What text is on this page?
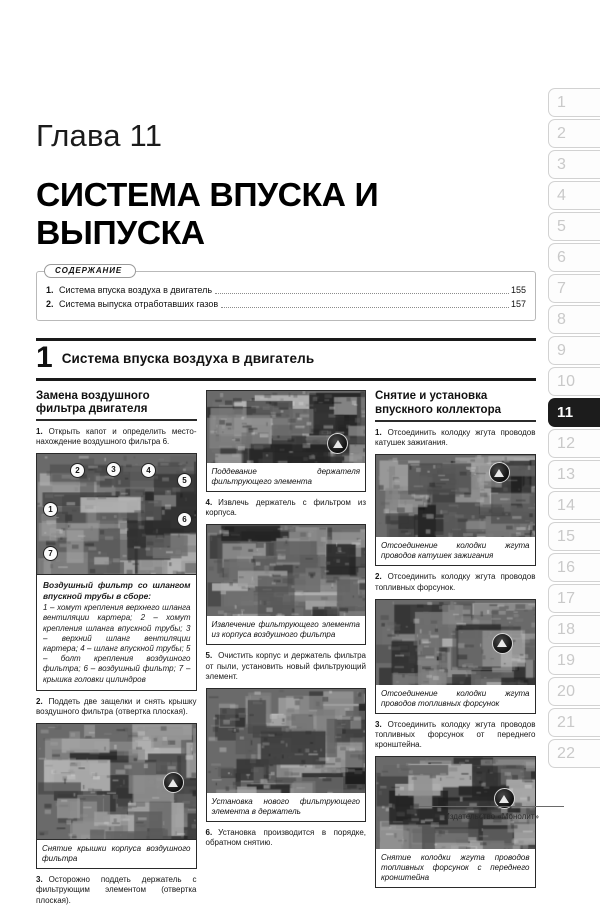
1
2
3
4
5
6
7
8
9
10
11
12
13
14
15
16
17
18
19
20
21
22
Глава 11
СИСТЕМА ВПУСКА И ВЫПУСКА
СОДЕРЖАНИЕ
1. Система впуска воздуха в двигатель	155
2. Система выпуска отработавших газов	157
1 Система впуска воздуха в двигатель
Замена воздушного фильтра двигателя

1. Открыть капот и определить место-нахождение воздушного фильтра 6.

1
2	3	4
5
6
7

Воздушный фильтр со шлангом впускной трубы в сборе:

1 – хомут крепления верхнего шланга вентиляции картера; 2 – хомут крепления шланга впускной трубы; 3 – верхний шланг вентиляции картера; 4 – шланг впускной трубы; 5 – болт крепления воздушного фильтра; 6 – воздушный фильтр; 7 – крышка головки цилиндров

2. Поддеть две защелки и снять крышку воздушного фильтра (отвертка плоская).

Снятие крышки корпуса воздушного фильтра

3. Осторожно поддеть держатель с фильтрующим элементом (отвертка плоская).

Поддевание держателя фильтрующего элемента

4. Извлечь держатель с фильтром из корпуса.

Извлечение фильтрующего элемента из корпуса воздушного фильтра

5. Очистить корпус и держатель фильтра от пыли, установить новый фильтрующий элемент.

Установка нового фильтрующего элемента в держатель

6. Установка производится в порядке, обратном снятию.

Снятие и установка
впускного коллектора

1. Отсоединить колодку жгута проводов катушек зажигания.

Отсоединение колодки жгута проводов катушек зажигания

2. Отсоединить колодку жгута проводов топливных форсунок.

Отсоединение колодки жгута проводов топливных форсунок

3. Отсоединить колодку жгута проводов топливных форсунок от переднего кронштейна.

Снятие колодки жгута проводов топливных форсунок с переднего кронштейна
Издательство «Монолит»
